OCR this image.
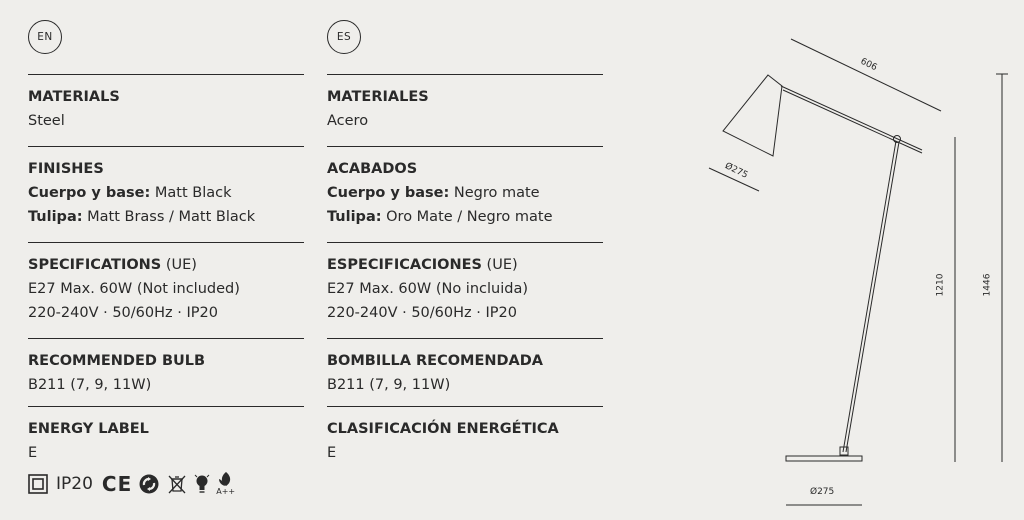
EN	ES
MATERIALS
Steel
FINISHES
Cuerpo y base: Matt Black
Tulipa: Matt Brass / Matt Black
SPECIFICATIONS (UE)
E27 Max. 60W (Not included)
220-240V · 50/60Hz · IP20
RECOMMENDED BULB
B211 (7, 9, 11W)
ENERGY LABEL
E
IP20 CE	A++
MATERIALES
Acero
ACABADOS
Cuerpo y base: Negro mate
Tulipa: Oro Mate / Negro mate
ESPECIFICACIONES (UE)
E27 Max. 60W (No incluida)
220-240V · 50/60Hz · IP20
BOMBILLA RECOMENDADA
B211 (7, 9, 11W)
CLASIFICACIÓN ENERGÉTICA
E
606
Ø275
1210	1446
Ø275
